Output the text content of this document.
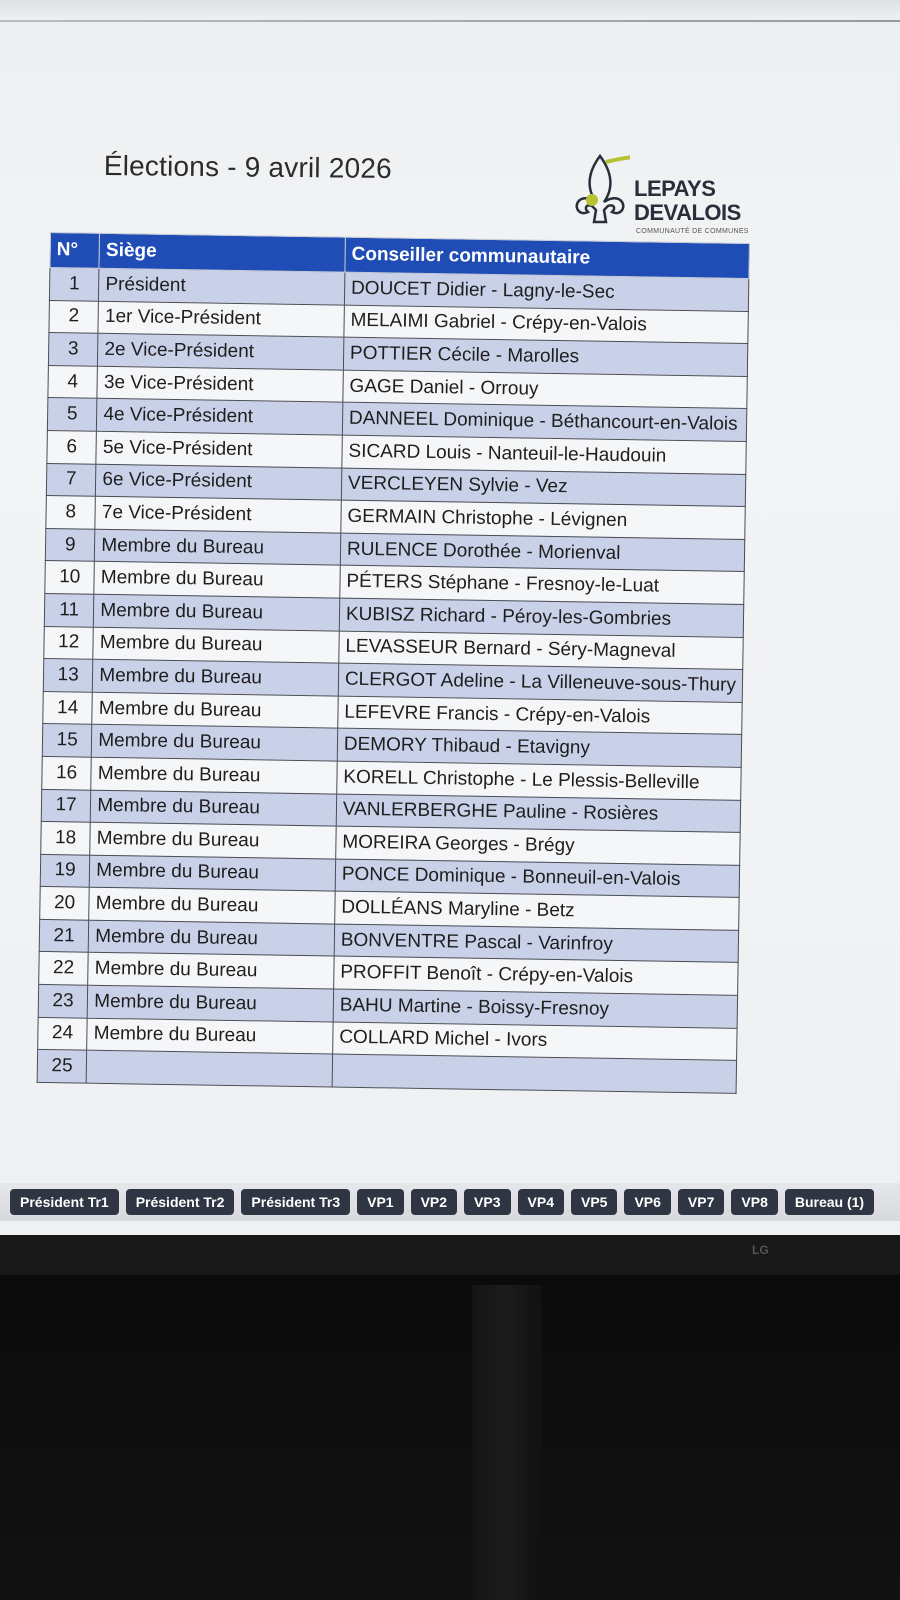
Élections - 9 avril 2026
LEPAYS
DEVALOIS
COMMUNAUTÉ DE COMMUNES
N°	Siège	Conseiller communautaire
1	Président	DOUCET Didier - Lagny-le-Sec
2	1er Vice-Président	MELAIMI Gabriel - Crépy-en-Valois
3	2e Vice-Président	POTTIER Cécile - Marolles
4	3e Vice-Président	GAGE Daniel - Orrouy
5	4e Vice-Président	DANNEEL Dominique - Béthancourt-en-Valois
6	5e Vice-Président	SICARD Louis - Nanteuil-le-Haudouin
7	6e Vice-Président	VERCLEYEN Sylvie - Vez
8	7e Vice-Président	GERMAIN Christophe - Lévignen
9	Membre du Bureau	RULENCE Dorothée - Morienval
10	Membre du Bureau	PÉTERS Stéphane - Fresnoy-le-Luat
11	Membre du Bureau	KUBISZ Richard - Péroy-les-Gombries
12	Membre du Bureau	LEVASSEUR Bernard - Séry-Magneval
13	Membre du Bureau	CLERGOT Adeline - La Villeneuve-sous-Thury
14	Membre du Bureau	LEFEVRE Francis - Crépy-en-Valois
15	Membre du Bureau	DEMORY Thibaud - Etavigny
16	Membre du Bureau	KORELL Christophe - Le Plessis-Belleville
17	Membre du Bureau	VANLERBERGHE Pauline - Rosières
18	Membre du Bureau	MOREIRA Georges - Brégy
19	Membre du Bureau	PONCE Dominique - Bonneuil-en-Valois
20	Membre du Bureau	DOLLÉANS Maryline - Betz
21	Membre du Bureau	BONVENTRE Pascal - Varinfroy
22	Membre du Bureau	PROFFIT Benoît - Crépy-en-Valois
23	Membre du Bureau	BAHU Martine - Boissy-Fresnoy
24	Membre du Bureau	COLLARD Michel - Ivors
25		
Président Tr1	Président Tr2	Président Tr3	VP1	VP2	VP3	VP4	VP5	VP6	VP7	VP8	Bureau (1)
LG
